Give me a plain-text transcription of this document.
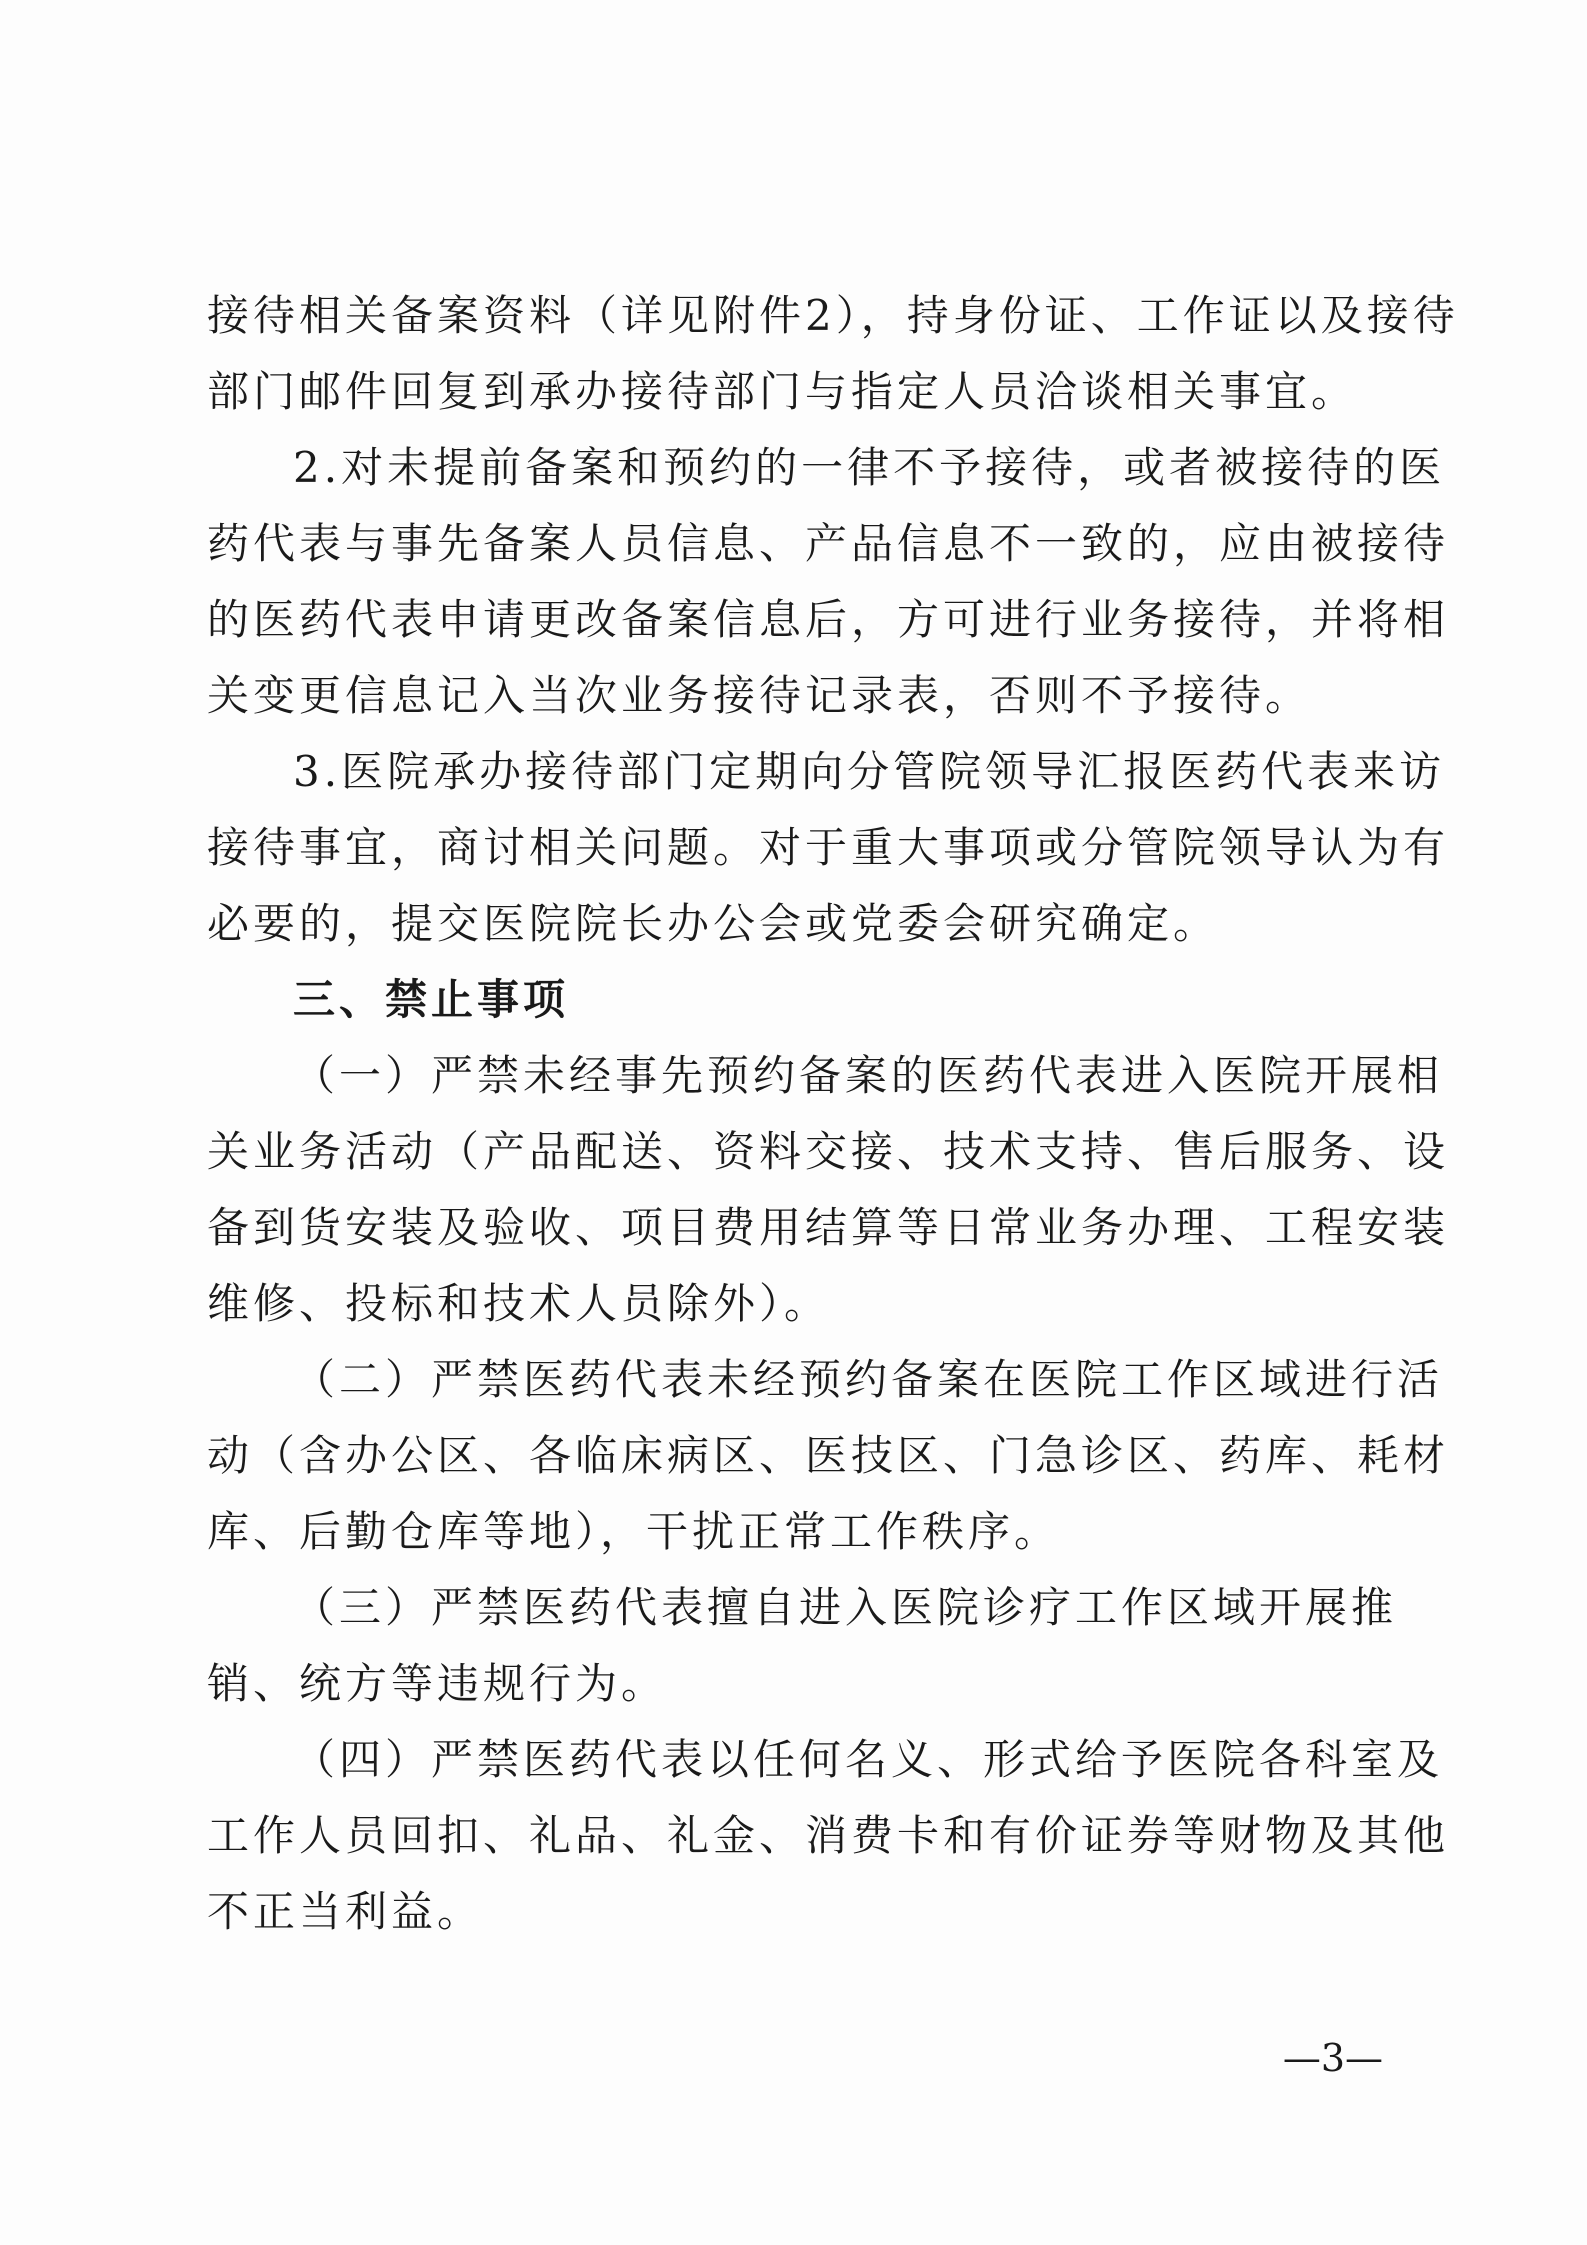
接待相关备案资料（详见附件2），持身份证、工作证以及接待
部门邮件回复到承办接待部门与指定人员洽谈相关事宜。
2.对未提前备案和预约的一律不予接待，或者被接待的医
药代表与事先备案人员信息、产品信息不一致的，应由被接待
的医药代表申请更改备案信息后，方可进行业务接待，并将相
关变更信息记入当次业务接待记录表，否则不予接待。
3.医院承办接待部门定期向分管院领导汇报医药代表来访
接待事宜，商讨相关问题。对于重大事项或分管院领导认为有
必要的，提交医院院长办公会或党委会研究确定。
三、禁止事项
（一）严禁未经事先预约备案的医药代表进入医院开展相
关业务活动（产品配送、资料交接、技术支持、售后服务、设
备到货安装及验收、项目费用结算等日常业务办理、工程安装
维修、投标和技术人员除外）。
（二）严禁医药代表未经预约备案在医院工作区域进行活
动（含办公区、各临床病区、医技区、门急诊区、药库、耗材
库、后勤仓库等地），干扰正常工作秩序。
（三）严禁医药代表擅自进入医院诊疗工作区域开展推
销、统方等违规行为。
（四）严禁医药代表以任何名义、形式给予医院各科室及
工作人员回扣、礼品、礼金、消费卡和有价证券等财物及其他
不正当利益。
—3—
